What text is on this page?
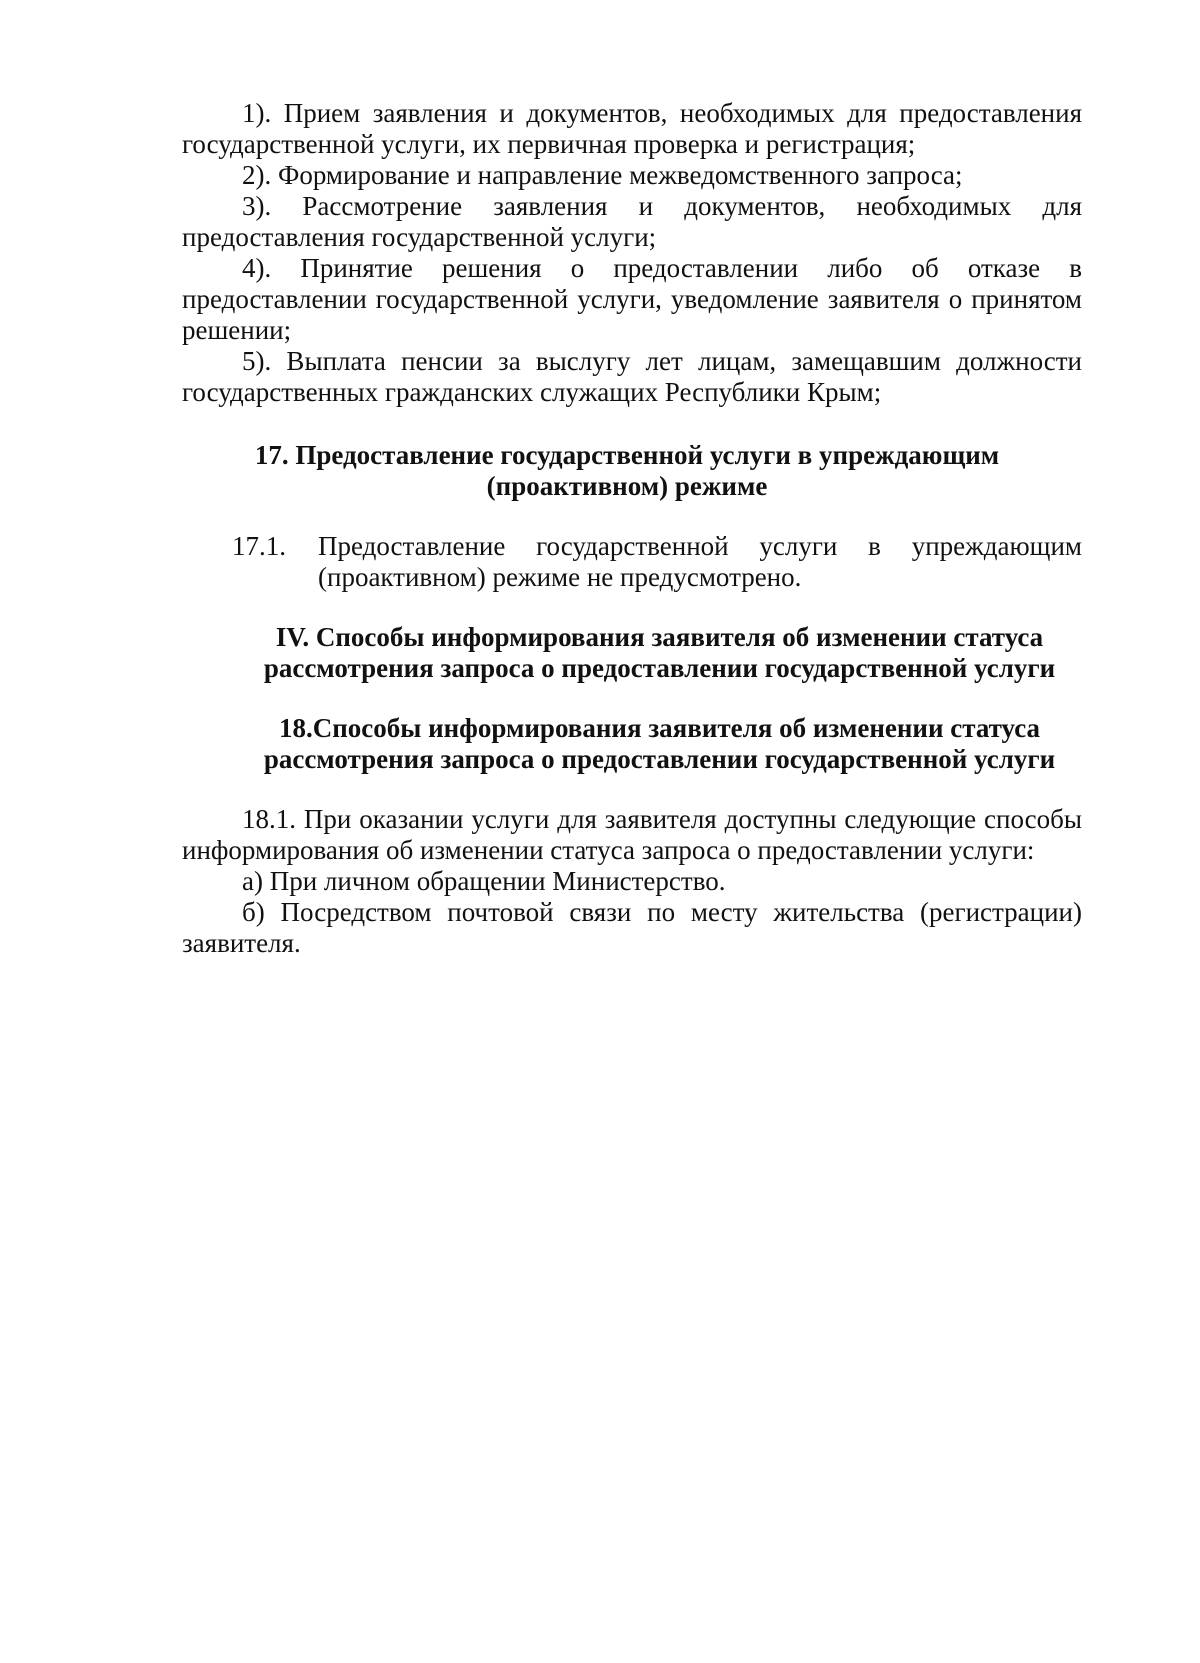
1). Прием заявления и документов, необходимых для предоставления государственной услуги, их первичная проверка и регистрация;

2). Формирование и направление межведомственного запроса;

3). Рассмотрение заявления и документов, необходимых для предоставления государственной услуги;

4). Принятие решения о предоставлении либо об отказе в предоставлении государственной услуги, уведомление заявителя о принятом решении;

5). Выплата пенсии за выслугу лет лицам, замещавшим должности государственных гражданских служащих Республики Крым;

17. Предоставление государственной услуги в упреждающим (проактивном) режиме

17.1.	Предоставление государственной услуги в упреждающим (проактивном) режиме не предусмотрено.

IV. Способы информирования заявителя об изменении статуса рассмотрения запроса о предоставлении государственной услуги

18.Способы информирования заявителя об изменении статуса рассмотрения запроса о предоставлении государственной услуги

18.1. При оказании услуги для заявителя доступны следующие способы информирования об изменении статуса запроса о предоставлении услуги:

а) При личном обращении Министерство.

б) Посредством почтовой связи по месту жительства (регистрации) заявителя.
